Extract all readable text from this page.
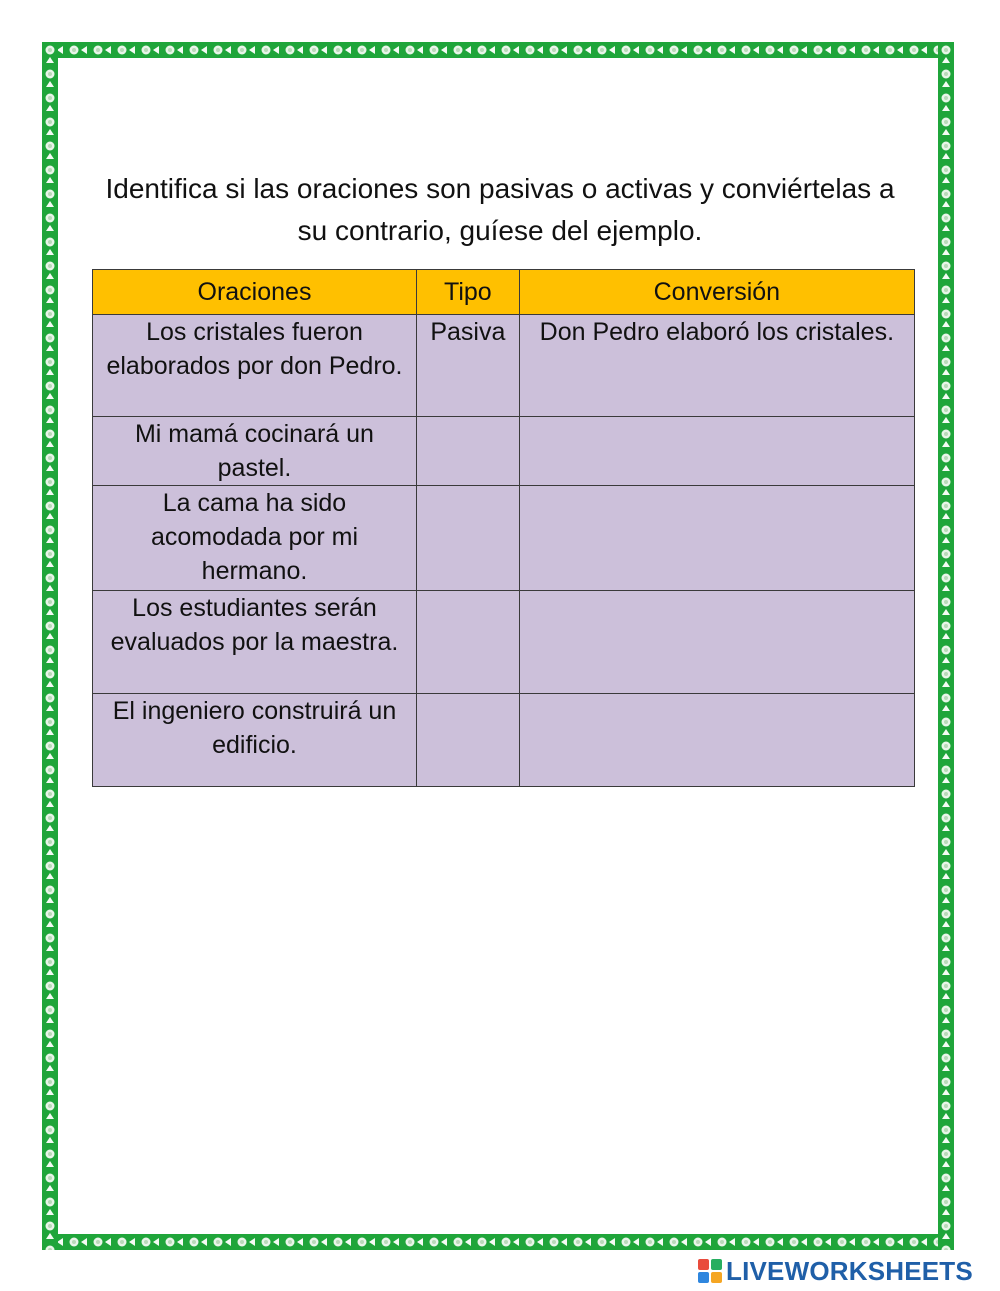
Identifica si las oraciones son pasivas o activas y conviértelas a su contrario, guíese del ejemplo.
Oraciones	Tipo	Conversión
Los cristales fueron elaborados por don Pedro.	Pasiva	Don Pedro elaboró los cristales.
Mi mamá cocinará un pastel.		
La cama ha sido acomodada por mi hermano.		
Los estudiantes serán evaluados por la maestra.		
El ingeniero construirá un edificio.		
LIVEWORKSHEETS
